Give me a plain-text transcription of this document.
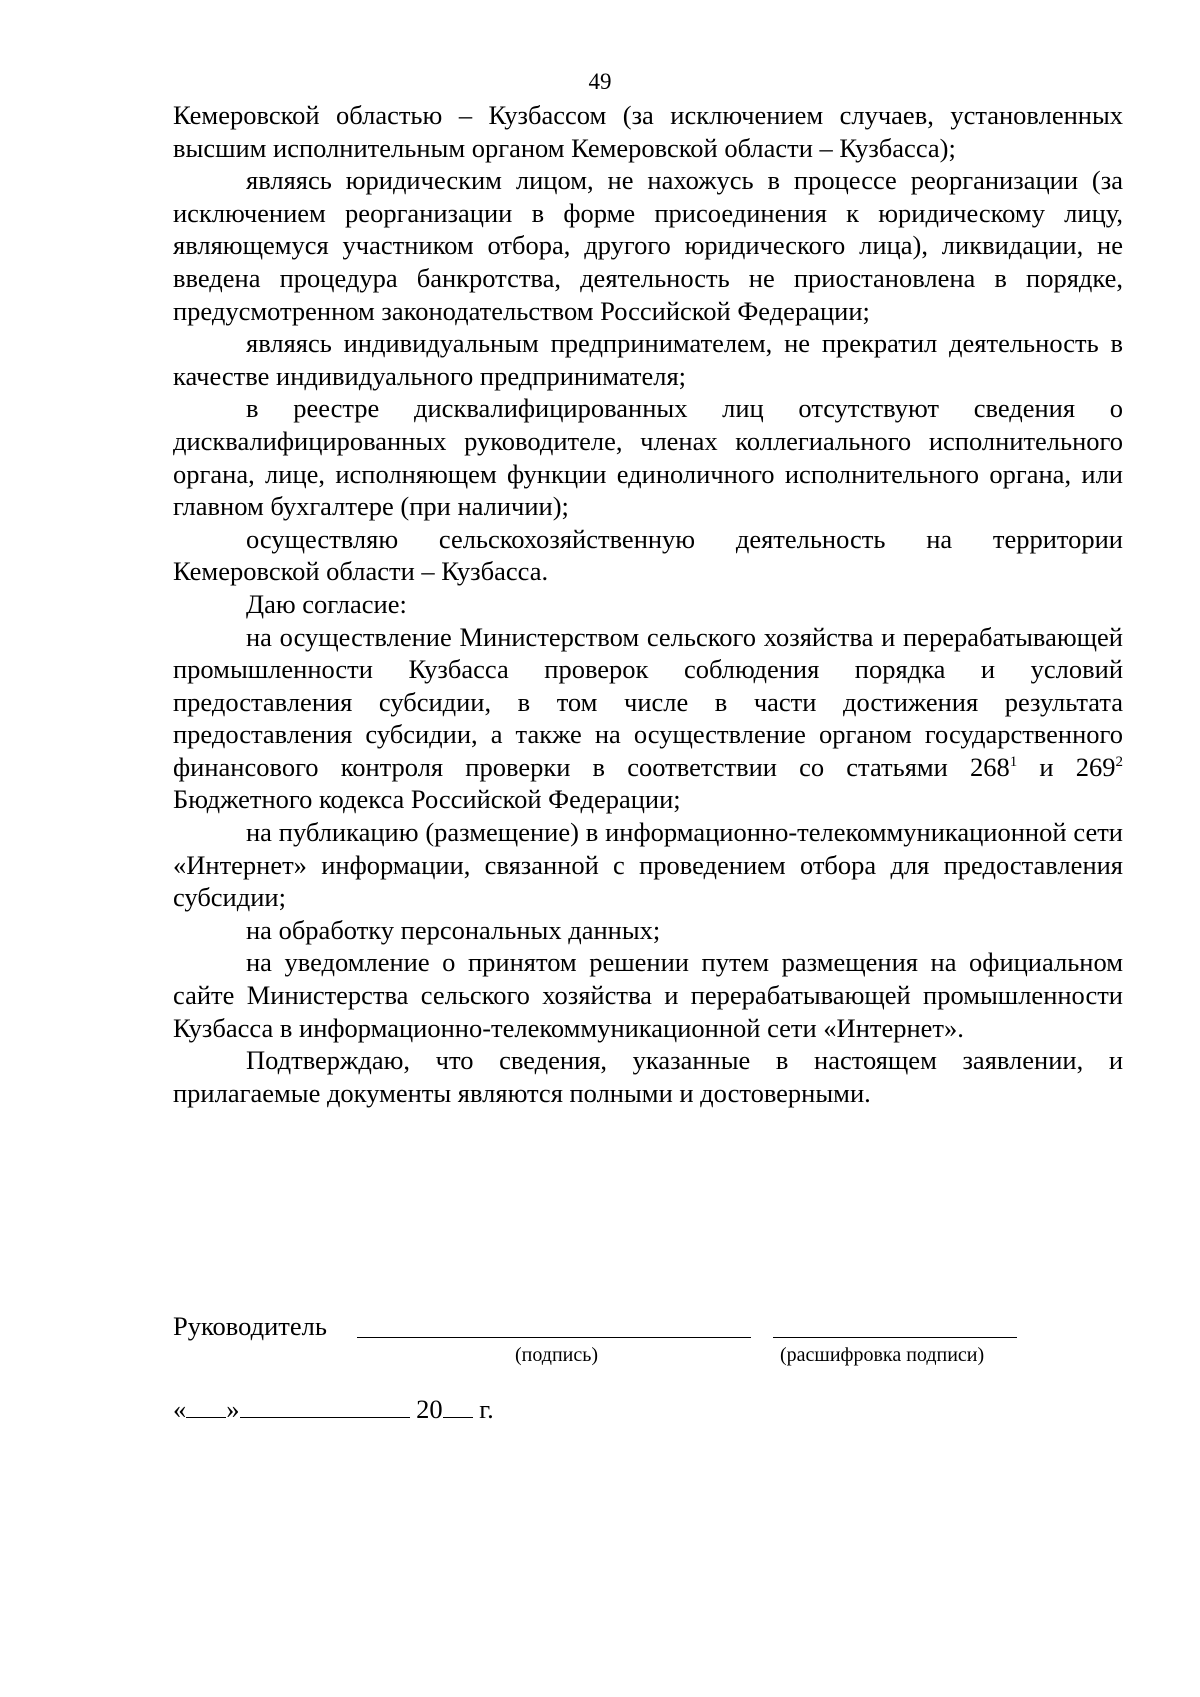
49

Кемеровской областью – Кузбассом (за исключением случаев, установленных высшим исполнительным органом Кемеровской области – Кузбасса);

являясь юридическим лицом, не нахожусь в процессе реорганизации (за исключением реорганизации в форме присоединения к юридическому лицу, являющемуся участником отбора, другого юридического лица), ликвидации, не введена процедура банкротства, деятельность не приостановлена в порядке, предусмотренном законодательством Российской Федерации;

являясь индивидуальным предпринимателем, не прекратил деятельность в качестве индивидуального предпринимателя;

в реестре дисквалифицированных лиц отсутствуют сведения о дисквалифицированных руководителе, членах коллегиального исполнительного органа, лице, исполняющем функции единоличного исполнительного органа, или главном бухгалтере (при наличии);

осуществляю сельскохозяйственную деятельность на территории Кемеровской области – Кузбасса.

Даю согласие:

на осуществление Министерством сельского хозяйства и перерабатывающей промышленности Кузбасса проверок соблюдения порядка и условий предоставления субсидии, в том числе в части достижения результата предоставления субсидии, а также на осуществление органом государственного финансового контроля проверки в соответствии со статьями $268^1$ и $269^2$ Бюджетного кодекса Российской Федерации;

на публикацию (размещение) в информационно-телекоммуникационной сети «Интернет» информации, связанной с проведением отбора для предоставления субсидии;

на обработку персональных данных;

на уведомление о принятом решении путем размещения на официальном сайте Министерства сельского хозяйства и перерабатывающей промышленности Кузбасса в информационно-телекоммуникационной сети «Интернет».

Подтверждаю, что сведения, указанные в настоящем заявлении, и прилагаемые документы являются полными и достоверными.

Руководитель
(подпись)	(расшифровка подписи)
« »	20 г.
